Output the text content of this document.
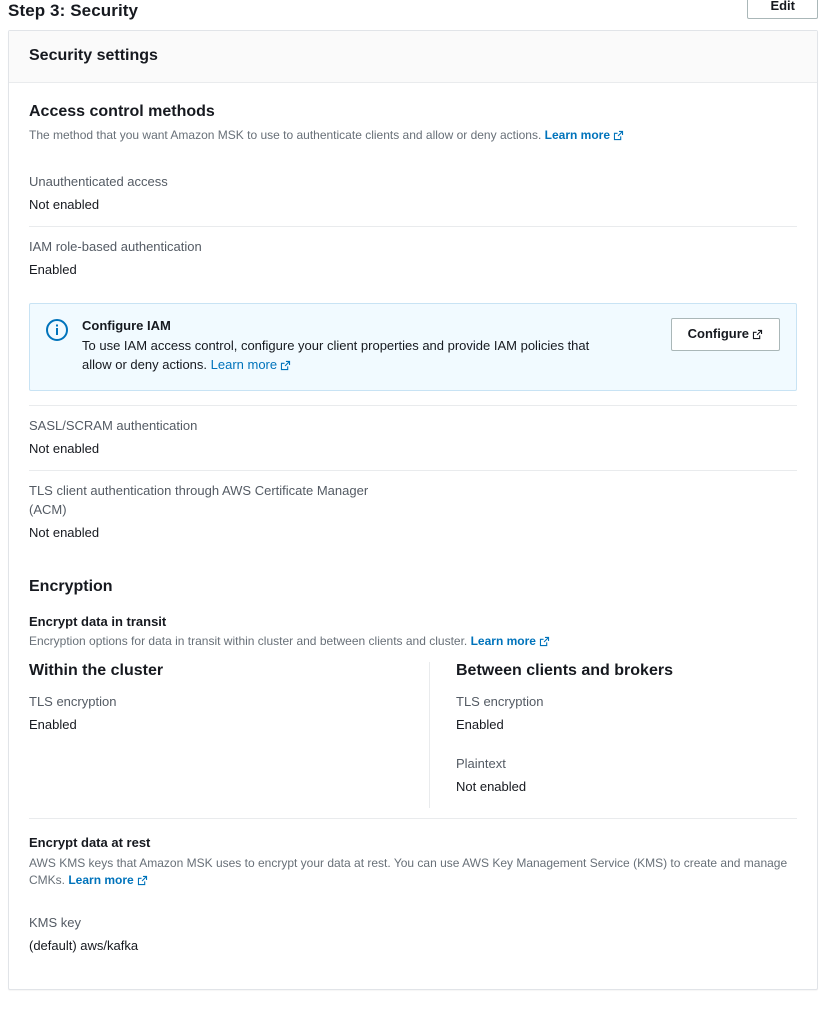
Step 3: Security	Edit
Security settings
Access control methods
The method that you want Amazon MSK to use to authenticate clients and allow or deny actions. Learn more
Unauthenticated access
Not enabled
IAM role-based authentication
Enabled
Configure IAM
To use IAM access control, configure your client properties and provide IAM policies that allow or deny actions. Learn more
Configure
SASL/SCRAM authentication
Not enabled
TLS client authentication through AWS Certificate Manager (ACM)
Not enabled
Encryption
Encrypt data in transit
Encryption options for data in transit within cluster and between clients and cluster. Learn more
Within the cluster
TLS encryption
Enabled
Between clients and brokers
TLS encryption
Enabled
Plaintext
Not enabled
Encrypt data at rest
AWS KMS keys that Amazon MSK uses to encrypt your data at rest. You can use AWS Key Management Service (KMS) to create and manage CMKs. Learn more
KMS key
(default) aws/kafka
